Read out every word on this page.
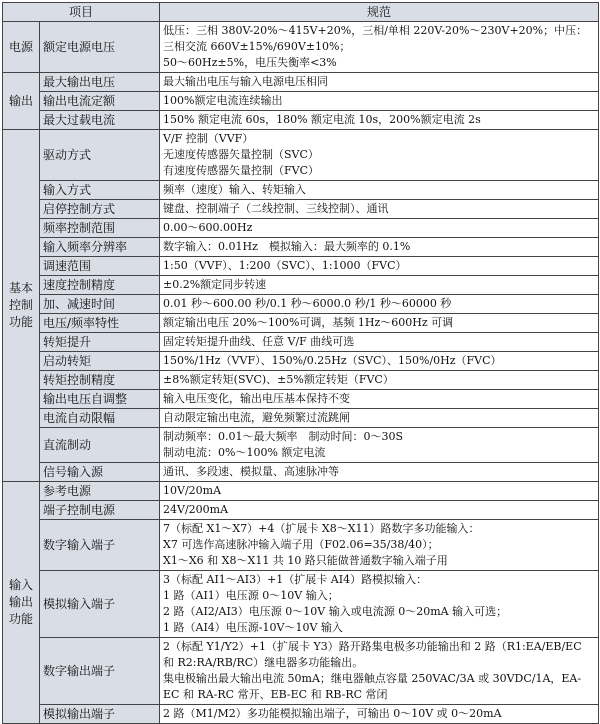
项目		规范
电源	额定电源电压	低压：三相 380V-20%～415V+20%，三相/单相 220V-20%～230V+20%；中压：
三相交流 660V±15%/690V±10%；
50～60Hz±5%，电压失衡率<3%

输出	最大输出电压	最大输出电压与输入电源电压相同

	输出电流定额	100%额定电流连续输出

	最大过载电流	150% 额定电流 60s，180% 额定电流 10s，200%额定电流 2s

基本控制功能	驱动方式	V/F 控制（VVF）
无速度传感器矢量控制（SVC）
有速度传感器矢量控制（FVC）

	输入方式	频率（速度）输入、转矩输入

	启停控制方式	键盘、控制端子（二线控制、三线控制）、通讯

	频率控制范围	0.00～600.00Hz

	输入频率分辨率	数字输入：0.01Hz　模拟输入：最大频率的 0.1%

	调速范围	1:50（VVF）、1:200（SVC）、1:1000（FVC）

	速度控制精度	±0.2%额定同步转速

	加、减速时间	0.01 秒～600.00 秒/0.1 秒～6000.0 秒/1 秒～60000 秒

	电压/频率特性	额定输出电压 20%～100%可调，基频 1Hz～600Hz 可调

	转矩提升	固定转矩提升曲线、任意 V/F 曲线可选

	启动转矩	150%/1Hz（VVF）、150%/0.25Hz（SVC）、150%/0Hz（FVC）

	转矩控制精度	±8%额定转矩(SVC)、±5%额定转矩（FVC）

	输出电压自调整	输入电压变化，输出电压基本保持不变

	电流自动限幅	自动限定输出电流，避免频繁过流跳闸

	直流制动	制动频率：0.01～最大频率　制动时间：0～30S
制动电流：0%～100% 额定电流

	信号输入源	通讯、多段速、模拟量、高速脉冲等

输入输出功能	参考电源	10V/20mA

	端子控制电源	24V/200mA

	数字输入端子	7（标配 X1～X7）+4（扩展卡 X8～X11）路数字多功能输入：
X7 可选作高速脉冲输入端子用（F02.06=35/38/40）；
X1～X6 和 X8～X11 共 10 路只能做普通数字输入端子用

	模拟输入端子	3（标配 AI1～AI3）+1（扩展卡 AI4）路模拟输入：
1 路（AI1）电压源 0～10V 输入；
2 路（AI2/AI3）电压源 0～10V 输入或电流源 0～20mA 输入可选；
1 路（AI4）电压源-10V～10V 输入

	数字输出端子	2（标配 Y1/Y2）+1（扩展卡 Y3）路开路集电极多功能输出和 2 路（R1:EA/EB/EC
和 R2:RA/RB/RC）继电器多功能输出。
集电极输出最大输出电流 50mA；继电器触点容量 250VAC/3A 或 30VDC/1A，EA-
EC 和 RA-RC 常开、EB-EC 和 RB-RC 常闭

	模拟输出端子	2 路（M1/M2）多功能模拟输出端子，可输出 0～10V 或 0～20mA
